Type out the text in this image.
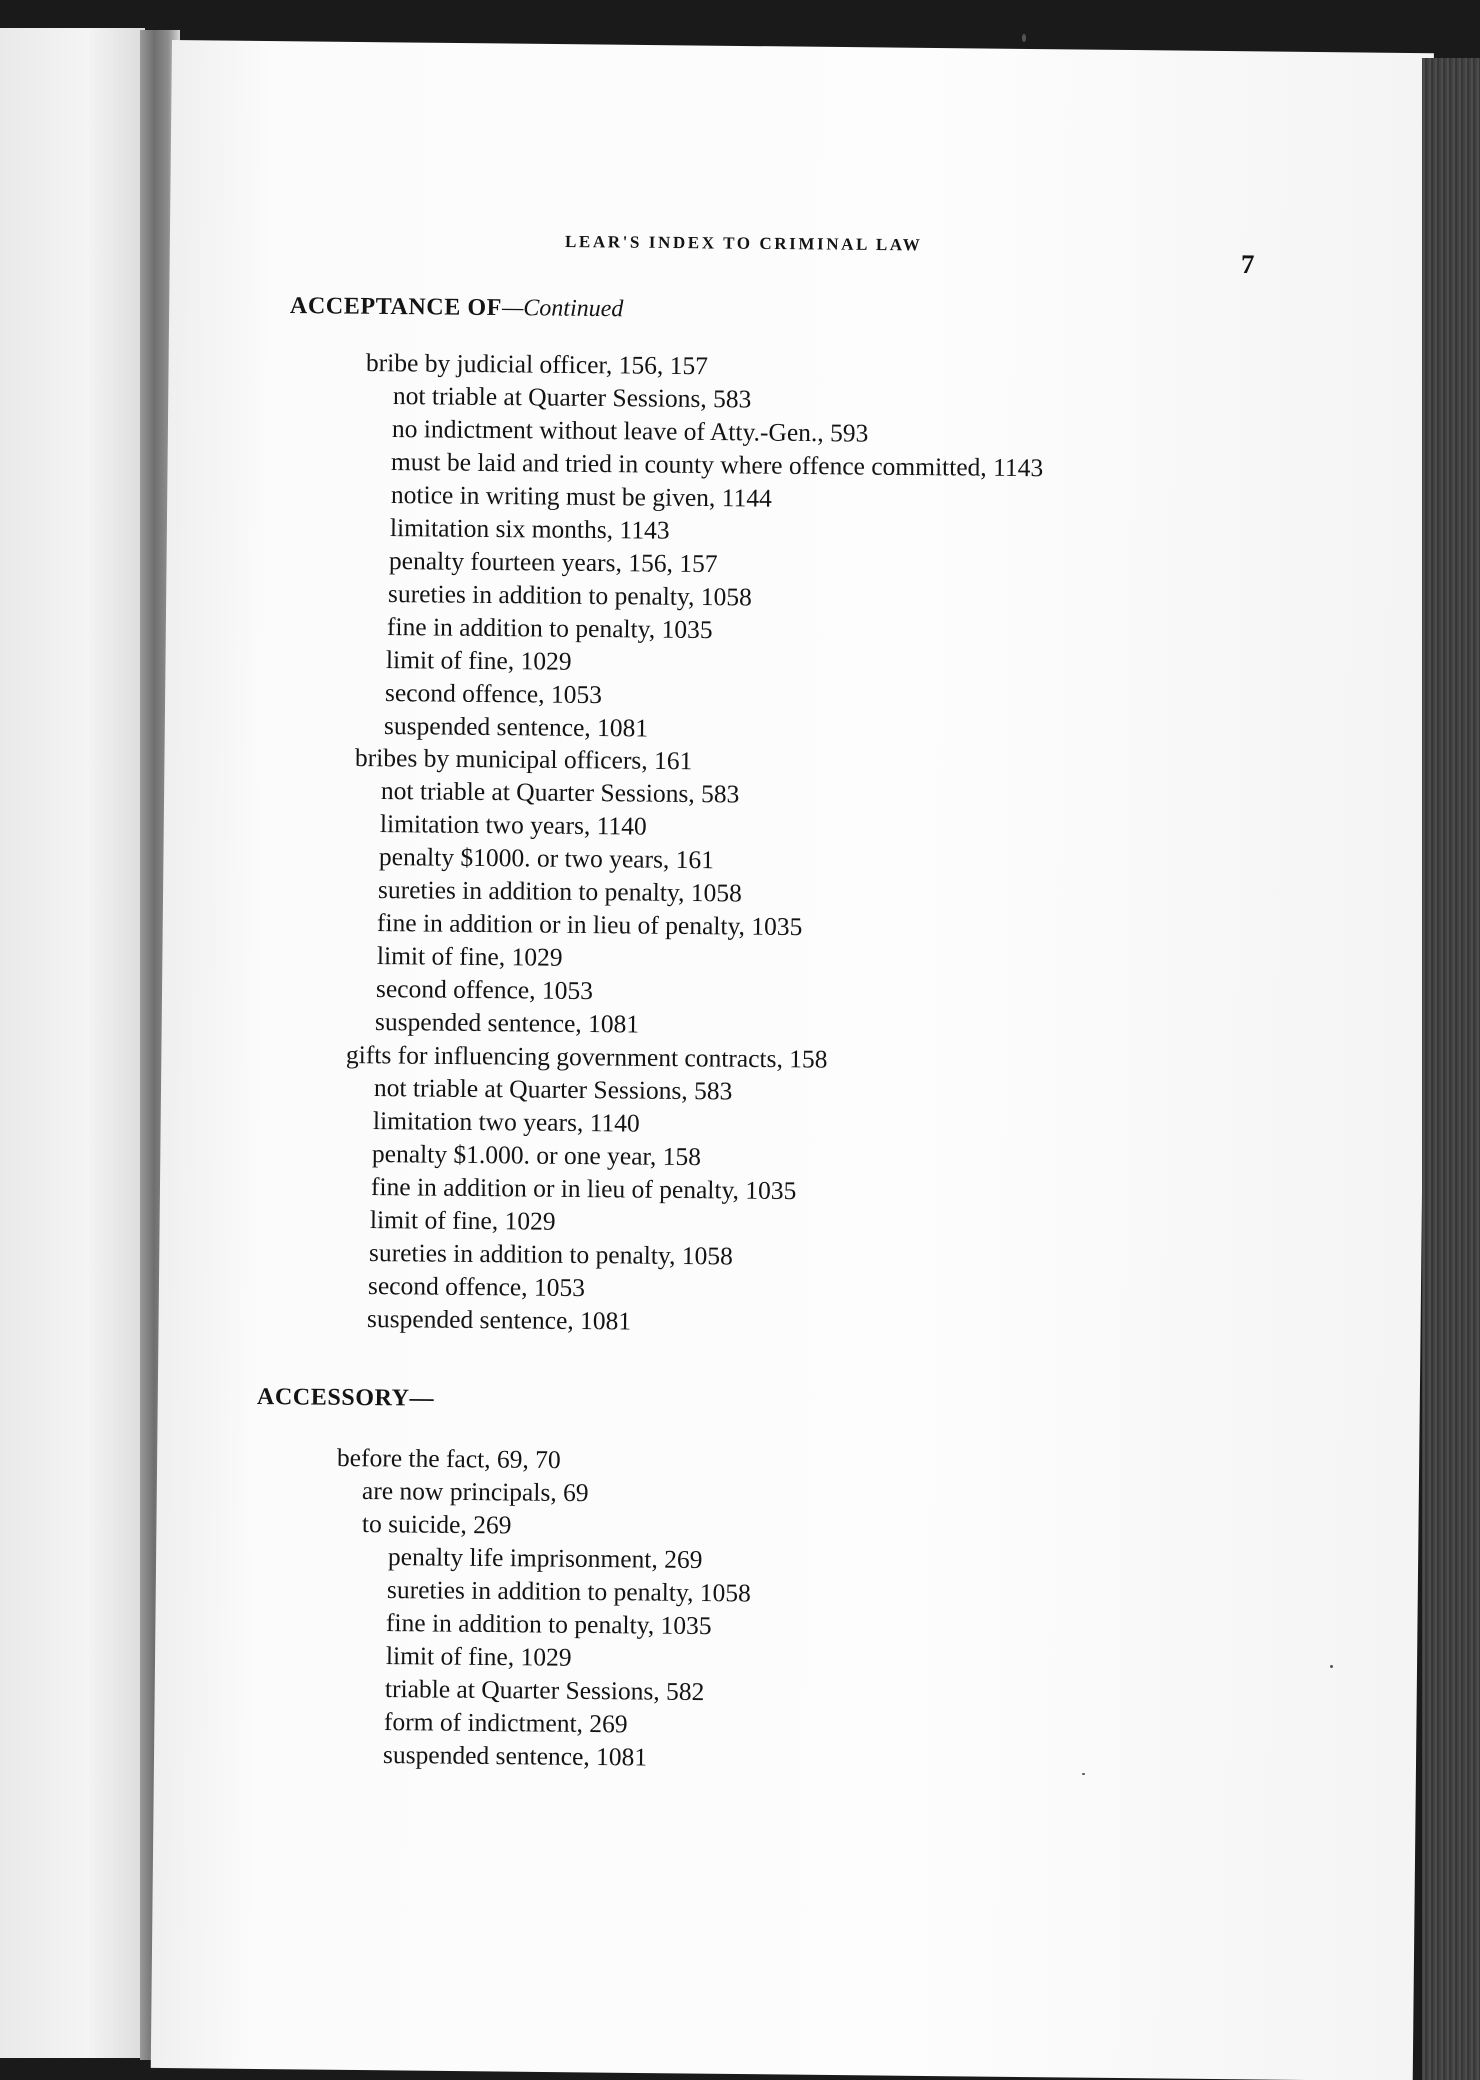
LEAR'S INDEX TO CRIMINAL LAW
7
ACCEPTANCE OF—Continued
bribe by judicial officer, 156, 157
not triable at Quarter Sessions, 583
no indictment without leave of Atty.-Gen., 593
must be laid and tried in county where offence committed, 1143
notice in writing must be given, 1144
limitation six months, 1143
penalty fourteen years, 156, 157
sureties in addition to penalty, 1058
fine in addition to penalty, 1035
limit of fine, 1029
second offence, 1053
suspended sentence, 1081
bribes by municipal officers, 161
not triable at Quarter Sessions, 583
limitation two years, 1140
penalty $1000. or two years, 161
sureties in addition to penalty, 1058
fine in addition or in lieu of penalty, 1035
limit of fine, 1029
second offence, 1053
suspended sentence, 1081
gifts for influencing government contracts, 158
not triable at Quarter Sessions, 583
limitation two years, 1140
penalty $1.000. or one year, 158
fine in addition or in lieu of penalty, 1035
limit of fine, 1029
sureties in addition to penalty, 1058
second offence, 1053
suspended sentence, 1081
ACCESSORY—
before the fact, 69, 70
are now principals, 69
to suicide, 269
penalty life imprisonment, 269
sureties in addition to penalty, 1058
fine in addition to penalty, 1035
limit of fine, 1029
triable at Quarter Sessions, 582
form of indictment, 269
suspended sentence, 1081
